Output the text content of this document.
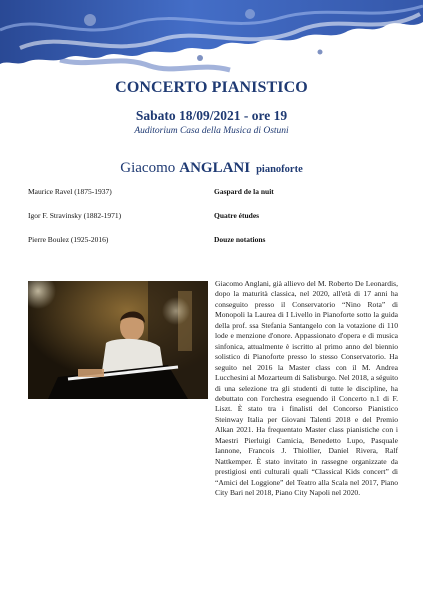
CONCERTO PIANISTICO
Sabato 18/09/2021 - ore 19
Auditorium Casa della Musica di Ostuni
Giacomo ANGLANI pianoforte
Maurice Ravel (1875-1937)	Gaspard de la nuit
Igor F. Stravinsky (1882-1971)	Quatre études
Pierre Boulez (1925-2016)	Douze notations
Giacomo Anglani, già allievo del M. Roberto De Leonardis, dopo la maturità classica, nel 2020, all'età di 17 anni ha conseguito presso il Conservatorio “Nino Rota” di Monopoli la Laurea di I Livello in Pianoforte sotto la guida della prof. ssa Stefania Santangelo con la votazione di 110 lode e menzione d'onore. Appassionato d'opera e di musica sinfonica, attualmente è iscritto al primo anno del biennio solistico di Pianoforte presso lo stesso Conservatorio. Ha seguito nel 2016 la Master class con il M. Andrea Lucchesini al Mozarteum di Salisburgo. Nel 2018, a séguito di una selezione tra gli studenti di tutte le discipline, ha debuttato con l'orchestra eseguendo il Concerto n.1 di F. Liszt. È stato tra i finalisti del Concorso Pianistico Steinway Italia per Giovani Talenti 2018 e del Premio Alkan 2021. Ha frequentato Master class pianistiche con i Maestri Pierluigi Camicia, Benedetto Lupo, Pasquale Iannone, Francois J. Thiollier, Daniel Rivera, Ralf Nattkemper. È stato invitato in rassegne organizzate da prestigiosi enti culturali quali “Classical Kids concert” di “Amici del Loggione” del Teatro alla Scala nel 2017, Piano City Bari nel 2018, Piano City Napoli nel 2020.
